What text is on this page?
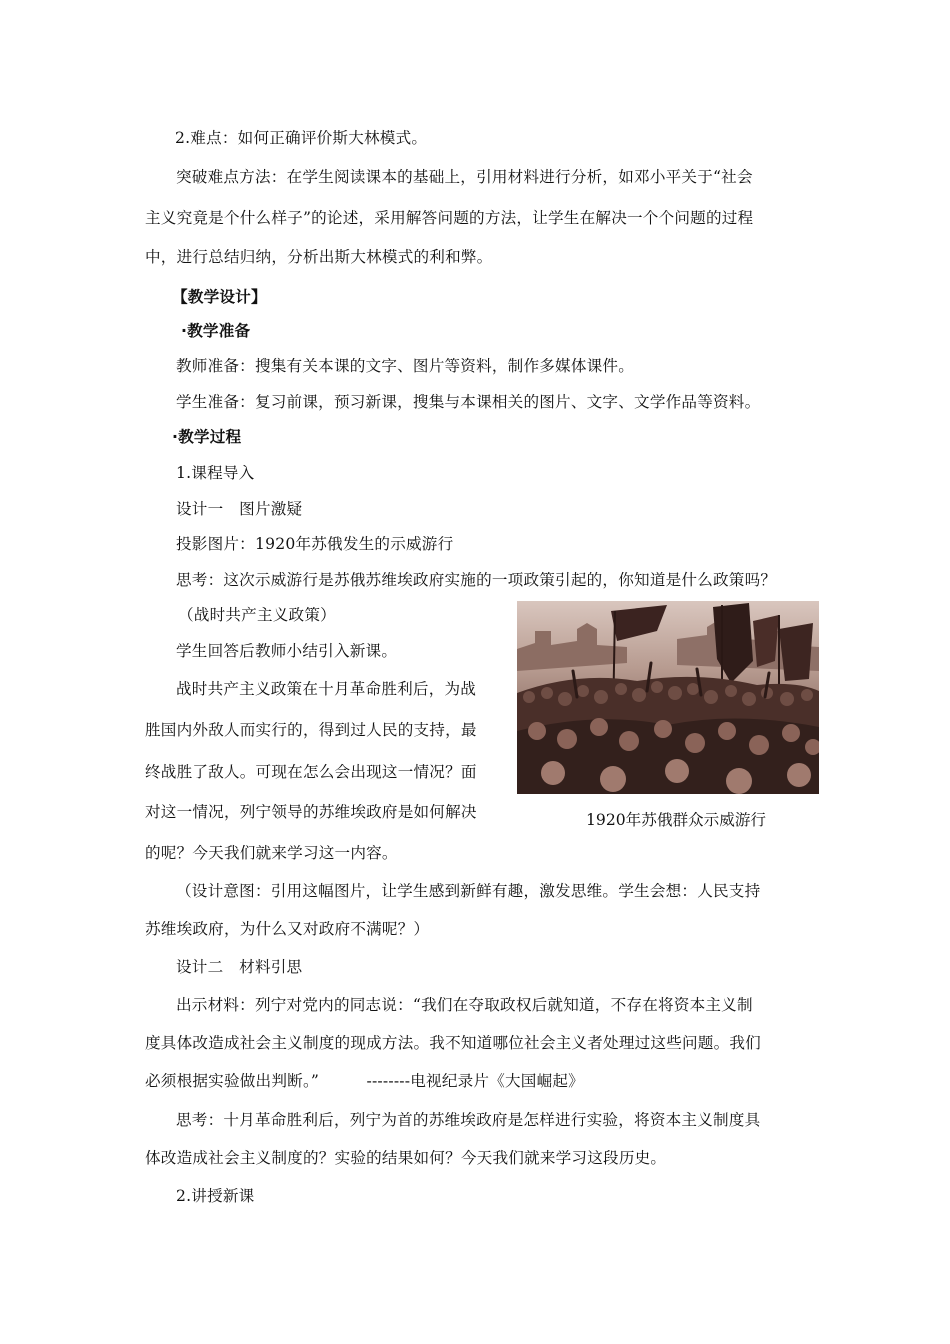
2.难点：如何正确评价斯大林模式。
突破难点方法：在学生阅读课本的基础上，引用材料进行分析，如邓小平关于“社会
主义究竟是个什么样子”的论述，采用解答问题的方法，让学生在解决一个个问题的过程
中，进行总结归纳，分析出斯大林模式的利和弊。
【教学设计】
·教学准备
教师准备：搜集有关本课的文字、图片等资料，制作多媒体课件。
学生准备：复习前课，预习新课，搜集与本课相关的图片、文字、文学作品等资料。
·教学过程
1.课程导入
设计一　图片激疑
投影图片：1920年苏俄发生的示威游行
思考：这次示威游行是苏俄苏维埃政府实施的一项政策引起的，你知道是什么政策吗？
（战时共产主义政策）
学生回答后教师小结引入新课。
战时共产主义政策在十月革命胜利后，为战
胜国内外敌人而实行的，得到过人民的支持，最
终战胜了敌人。可现在怎么会出现这一情况？面
对这一情况，列宁领导的苏维埃政府是如何解决
的呢？今天我们就来学习这一内容。
（设计意图：引用这幅图片，让学生感到新鲜有趣，激发思维。学生会想：人民支持
苏维埃政府，为什么又对政府不满呢？）
设计二　材料引思
出示材料：列宁对党内的同志说：“我们在夺取政权后就知道，不存在将资本主义制
度具体改造成社会主义制度的现成方法。我不知道哪位社会主义者处理过这些问题。我们
必须根据实验做出判断。”　　　--------电视纪录片《大国崛起》
思考：十月革命胜利后，列宁为首的苏维埃政府是怎样进行实验，将资本主义制度具
体改造成社会主义制度的？实验的结果如何？今天我们就来学习这段历史。
2.讲授新课
1920年苏俄群众示威游行
